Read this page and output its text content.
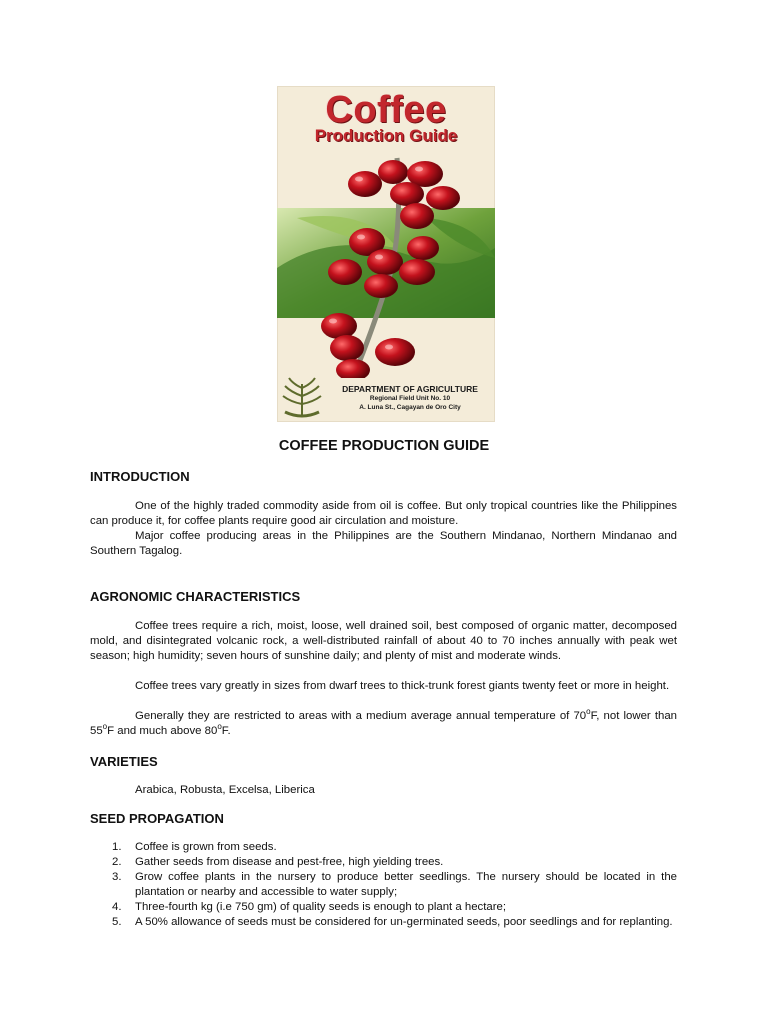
Coffee
Production Guide
DEPARTMENT OF AGRICULTURE
Regional Field Unit No. 10
A. Luna St., Cagayan de Oro City
COFFEE PRODUCTION GUIDE
INTRODUCTION

One of the highly traded commodity aside from oil is coffee. But only tropical countries like the Philippines can produce it, for coffee plants require good air circulation and moisture.

Major coffee producing areas in the Philippines are the Southern Mindanao, Northern Mindanao and Southern Tagalog.

AGRONOMIC CHARACTERISTICS

Coffee trees require a rich, moist, loose, well drained soil, best composed of organic matter, decomposed mold, and disintegrated volcanic rock, a well-distributed rainfall of about 40 to 70 inches annually with peak wet season; high humidity; seven hours of sunshine daily; and plenty of mist and moderate winds.

Coffee trees vary greatly in sizes from dwarf trees to thick-trunk forest giants twenty feet or more in height.

Generally they are restricted to areas with a medium average annual temperature of 70$^o$F, not lower than 55$^o$F and much above 80$^o$F.

VARIETIES
Arabica, Robusta, Excelsa, Liberica
SEED PROPAGATION
1. Coffee is grown from seeds.
2. Gather seeds from disease and pest-free, high yielding trees.
3. Grow coffee plants in the nursery to produce better seedlings. The nursery should be located in the plantation or nearby and accessible to water supply;
4. Three-fourth kg (i.e 750 gm) of quality seeds is enough to plant a hectare;
5. A 50% allowance of seeds must be considered for un-germinated seeds, poor seedlings and for replanting.
